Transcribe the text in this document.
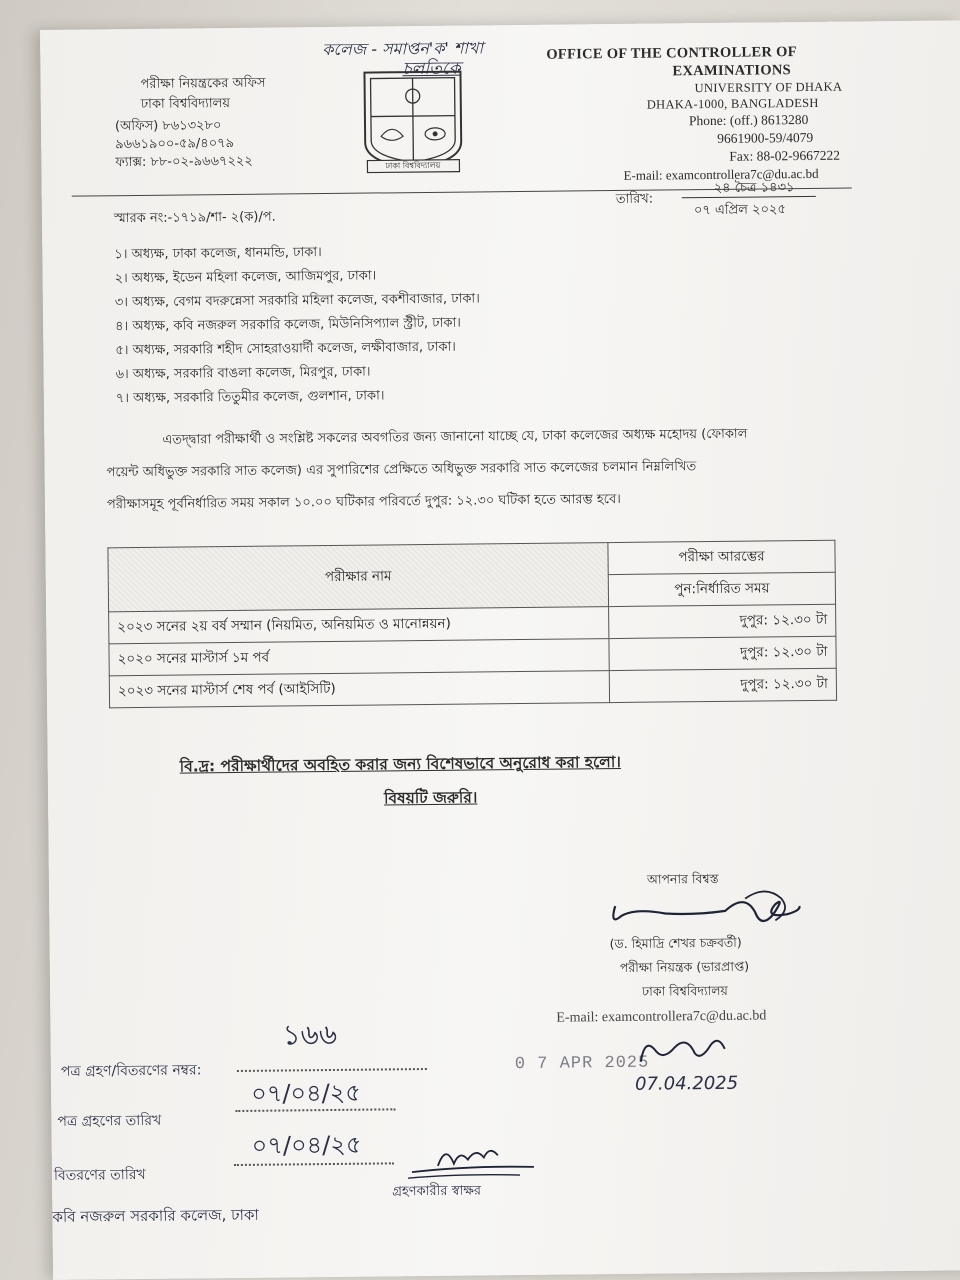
কলেজ - সমাপ্তন'ক' শাখা
চলতিকে
পরীক্ষা নিয়ন্ত্রকের অফিস
ঢাকা বিশ্ববিদ্যালয়
(অফিস) ৮৬১৩২৮০
৯৬৬১৯০০-৫৯/৪০৭৯
ফ্যাক্স: ৮৮-০২-৯৬৬৭২২২	ঢাকা বিশ্ববিদ্যালয়
OFFICE OF THE CONTROLLER OF
EXAMINATIONS
UNIVERSITY OF DHAKA
DHAKA-1000, BANGLADESH
Phone: (off.) 8613280
9661900-59/4079
Fax: 88-02-9667222
E-mail: examcontrollera7c@du.ac.bd
স্মারক নং:-১৭১৯/শা- ২(ক)/প.
তারিখ:
২৪ চৈত্র ১৪৩১
০৭ এপ্রিল ২০২৫
১। অধ্যক্ষ, ঢাকা কলেজ, ধানমন্ডি, ঢাকা।
২। অধ্যক্ষ, ইডেন মহিলা কলেজ, আজিমপুর, ঢাকা।
৩। অধ্যক্ষ, বেগম বদরুন্নেসা সরকারি মহিলা কলেজ, বকশীবাজার, ঢাকা।
৪। অধ্যক্ষ, কবি নজরুল সরকারি কলেজ, মিউনিসিপ্যাল স্ট্রীট, ঢাকা।
৫। অধ্যক্ষ, সরকারি শহীদ সোহরাওয়ার্দী কলেজ, লক্ষীবাজার, ঢাকা।
৬। অধ্যক্ষ, সরকারি বাঙলা কলেজ, মিরপুর, ঢাকা।
৭। অধ্যক্ষ, সরকারি তিতুমীর কলেজ, গুলশান, ঢাকা।
এতদ্দ্বারা পরীক্ষার্থী ও সংশ্লিষ্ট সকলের অবগতির জন্য জানানো যাচ্ছে যে, ঢাকা কলেজের অধ্যক্ষ মহোদয় (ফোকাল
পয়েন্ট অধিভুক্ত সরকারি সাত কলেজ) এর সুপারিশের প্রেক্ষিতে অধিভুক্ত সরকারি সাত কলেজের চলমান নিম্নলিখিত
পরীক্ষাসমূহ পূর্বনির্ধারিত সময় সকাল ১০.০০ ঘটিকার পরিবর্তে দুপুর: ১২.৩০ ঘটিকা হতে আরম্ভ হবে।
পরীক্ষার নাম	পরীক্ষা আরম্ভের
	পুন:নির্ধারিত সময়
২০২৩ সনের ২য় বর্ষ সম্মান (নিয়মিত, অনিয়মিত ও মানোন্নয়ন)	দুপুর: ১২.৩০ টা
২০২০ সনের মাস্টার্স ১ম পর্ব	দুপুর: ১২.৩০ টা
২০২৩ সনের মাস্টার্স শেষ পর্ব (আইসিটি)	দুপুর: ১২.৩০ টা
বি.দ্র: পরীক্ষার্থীদের অবহিত করার জন্য বিশেষভাবে অনুরোধ করা হলো।
বিষয়টি জরুরি।
আপনার বিশ্বস্ত
(ড. হিমাদ্রি শেখর চক্রবর্তী)
পরীক্ষা নিয়ন্ত্রক (ভারপ্রাপ্ত)
ঢাকা বিশ্ববিদ্যালয়
E-mail: examcontrollera7c@du.ac.bd
১৬৬
পত্র গ্রহণ/বিতরণের নম্বর:	0 7 APR 2025
07.04.2025
পত্র গ্রহণের তারিখ
০৭/০৪/২৫
বিতরণের তারিখ
০৭/০৪/২৫
গ্রহণকারীর স্বাক্ষর
কবি নজরুল সরকারি কলেজ, ঢাকা
